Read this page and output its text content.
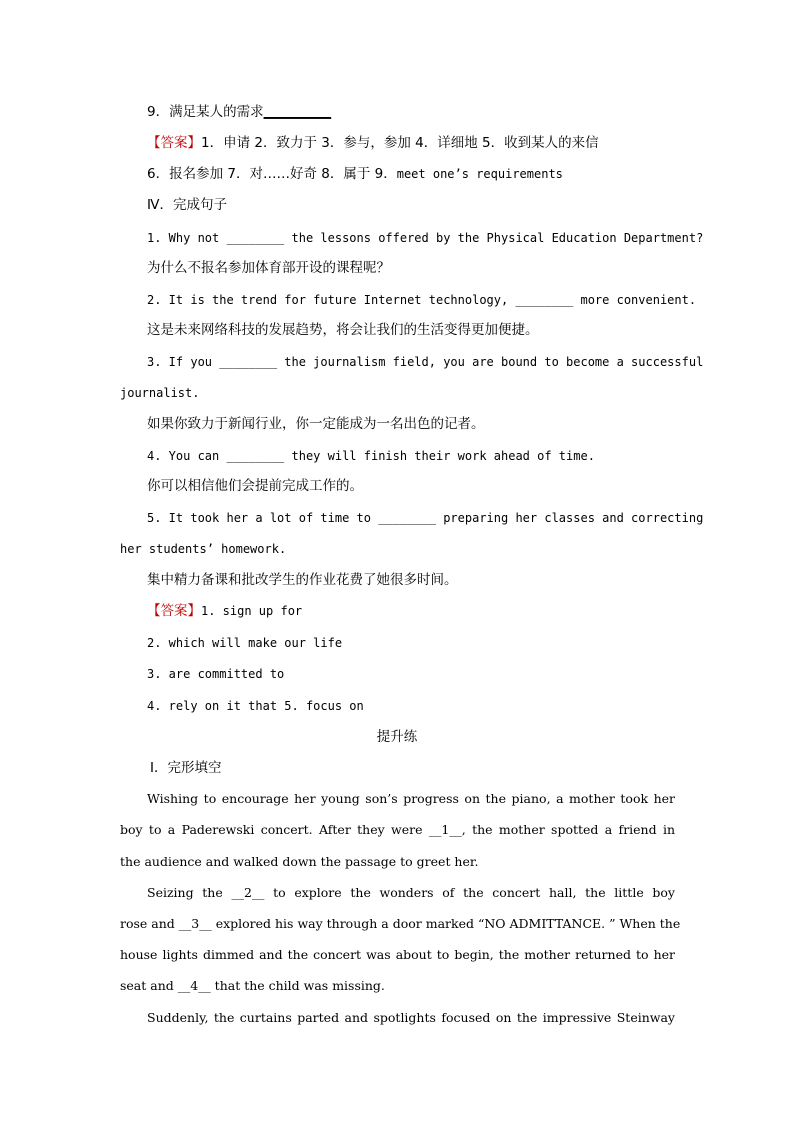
9．满足某人的需求__________
【答案】1．申请 2．致力于 3．参与，参加 4．详细地 5．收到某人的来信
6．报名参加 7．对……好奇 8．属于 9．meet one’s requirements
Ⅳ．完成句子
1. Why not ________ the lessons offered by the Physical Education Department?
为什么不报名参加体育部开设的课程呢？
2. It is the trend for future Internet technology, ________ more convenient.
这是未来网络科技的发展趋势，将会让我们的生活变得更加便捷。
3. If you ________ the journalism field, you are bound to become a successful
journalist.
如果你致力于新闻行业，你一定能成为一名出色的记者。
4. You can ________ they will finish their work ahead of time.
你可以相信他们会提前完成工作的。
5. It took her a lot of time to ________ preparing her classes and correcting
her students’ homework.
集中精力备课和批改学生的作业花费了她很多时间。
【答案】1. sign up for
2. which will make our life
3. are committed to
4. rely on it that 5. focus on
提升练
Ⅰ．完形填空
Wishing to encourage her young son’s progress on the piano, a mother took her
boy to a Paderewski concert. After they were __1__, the mother spotted a friend in
the audience and walked down the passage to greet her.
Seizing the __2__ to explore the wonders of the concert hall, the little boy
rose and __3__ explored his way through a door marked “NO ADMITTANCE. ” When the
house lights dimmed and the concert was about to begin, the mother returned to her
seat and __4__ that the child was missing.
Suddenly, the curtains parted and spotlights focused on the impressive Steinway
